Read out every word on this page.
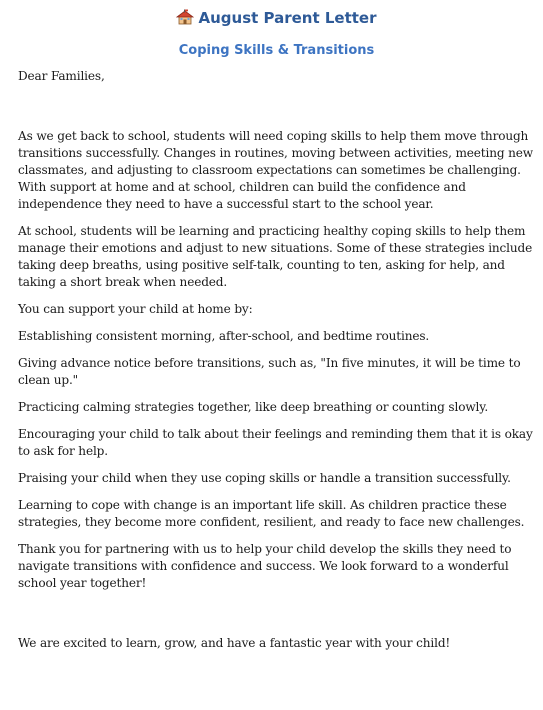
August Parent Letter
Coping Skills & Transitions

Dear Families,

As we get back to school, students will need coping skills to help them move through transitions successfully. Changes in routines, moving between activities, meeting new classmates, and adjusting to classroom expectations can sometimes be challenging. With support at home and at school, children can build the confidence and independence they need to have a successful start to the school year.

At school, students will be learning and practicing healthy coping skills to help them manage their emotions and adjust to new situations. Some of these strategies include taking deep breaths, using positive self-talk, counting to ten, asking for help, and taking a short break when needed.

You can support your child at home by:

Establishing consistent morning, after-school, and bedtime routines.

Giving advance notice before transitions, such as, "In five minutes, it will be time to clean up."

Practicing calming strategies together, like deep breathing or counting slowly.

Encouraging your child to talk about their feelings and reminding them that it is okay to ask for help.

Praising your child when they use coping skills or handle a transition successfully.

Learning to cope with change is an important life skill. As children practice these strategies, they become more confident, resilient, and ready to face new challenges.

Thank you for partnering with us to help your child develop the skills they need to navigate transitions with confidence and success. We look forward to a wonderful school year together!

We are excited to learn, grow, and have a fantastic year with your child!
